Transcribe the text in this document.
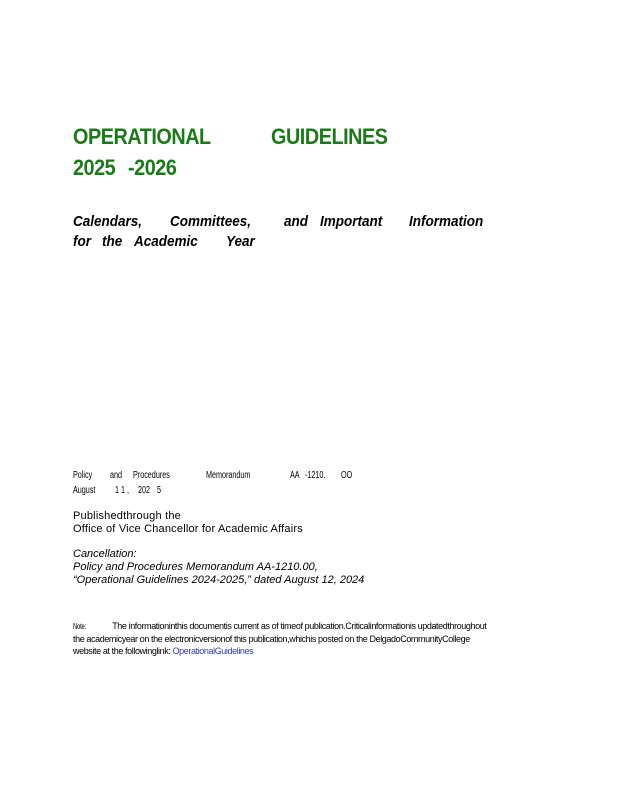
OPERATIONAL	GUIDELINES
2025 -2026
Calendars, Committees, and Important Information
for the Academic Year
Policy and Procedures	Memorandum	AA -1210. OO
August 1 1 , 202 5
Publishedthrough the
Office of Vice Chancellor for Academic Affairs
Cancellation:
Policy and Procedures Memorandum AA-1210.00,
“Operational Guidelines 2024-2025,” dated August 12, 2024
Note:	The informationinthis documentis current as of timeof publication.Criticalinformationis updatedthroughout
the academicyear on the electronicversionof this publication,whichis posted on the DelgadoCommunityCollege
website at the followinglink: OperationalGuidelines
